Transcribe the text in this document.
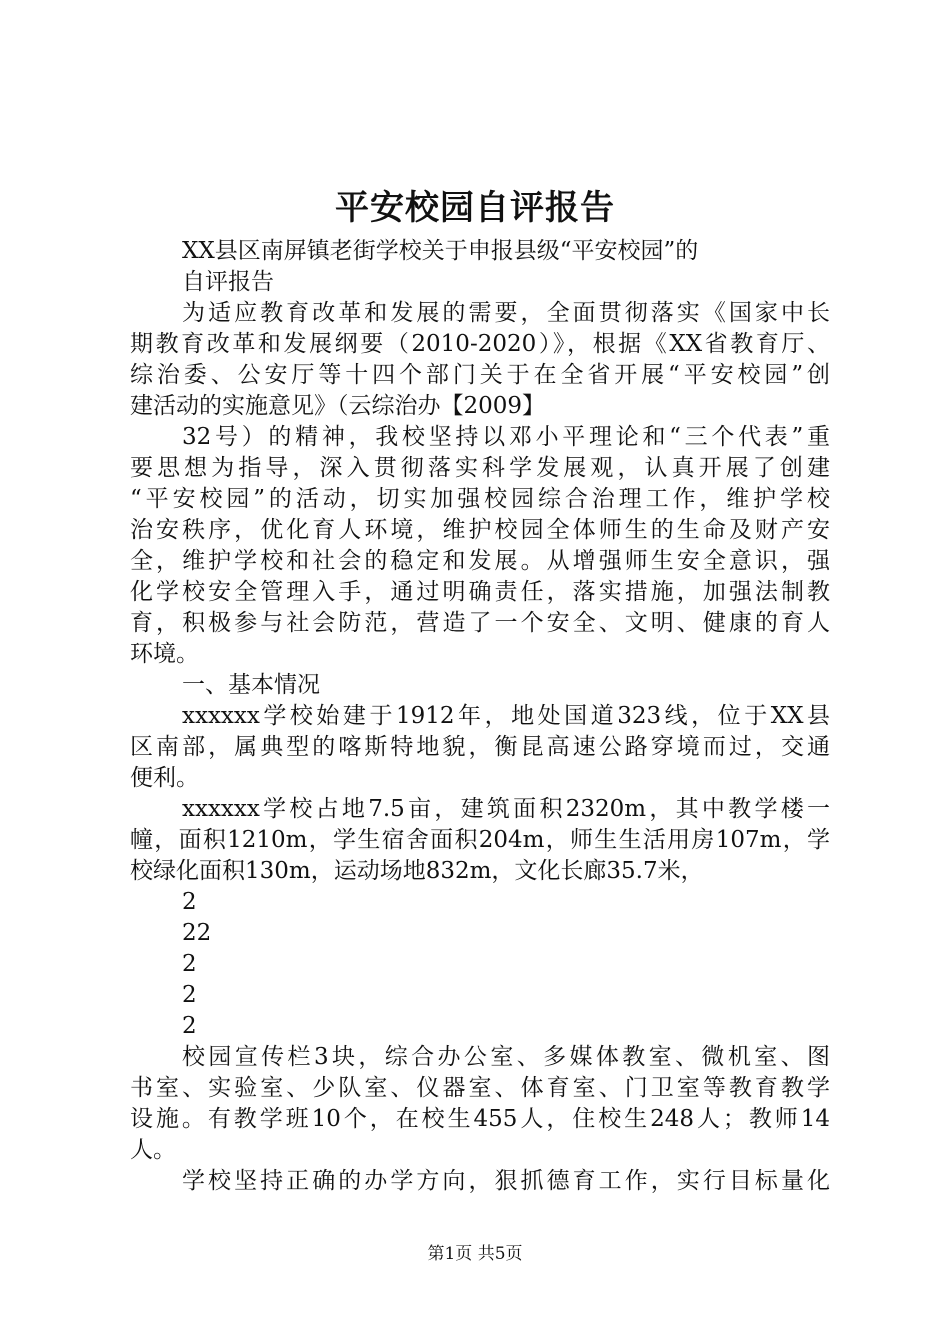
平安校园自评报告
XX县区南屏镇老街学校关于申报县级“平安校园”的
自评报告
为适应教育改革和发展的需要，全面贯彻落实《国家中长
期教育改革和发展纲要（2010-2020）》，根据《XX省教育厅、
综治委、公安厅等十四个部门关于在全省开展“平安校园”创
建活动的实施意见》（云综治办【2009】
32号）的精神，我校坚持以邓小平理论和“三个代表”重
要思想为指导，深入贯彻落实科学发展观，认真开展了创建
“平安校园”的活动，切实加强校园综合治理工作，维护学校
治安秩序，优化育人环境，维护校园全体师生的生命及财产安
全，维护学校和社会的稳定和发展。从增强师生安全意识，强
化学校安全管理入手，通过明确责任，落实措施，加强法制教
育，积极参与社会防范，营造了一个安全、文明、健康的育人
环境。
一、基本情况
xxxxxx学校始建于1912年，地处国道323线，位于XX县
区南部，属典型的喀斯特地貌，衡昆高速公路穿境而过，交通
便利。
xxxxxx学校占地7.5亩，建筑面积2320m，其中教学楼一
幢，面积1210m，学生宿舍面积204m，师生生活用房107m，学
校绿化面积130m，运动场地832m，文化长廊35.7米，
2
22
2
2
2
校园宣传栏3块，综合办公室、多媒体教室、微机室、图
书室、实验室、少队室、仪器室、体育室、门卫室等教育教学
设施。有教学班10个，在校生455人，住校生248人；教师14
人。
学校坚持正确的办学方向，狠抓德育工作，实行目标量化
第1页 共5页
